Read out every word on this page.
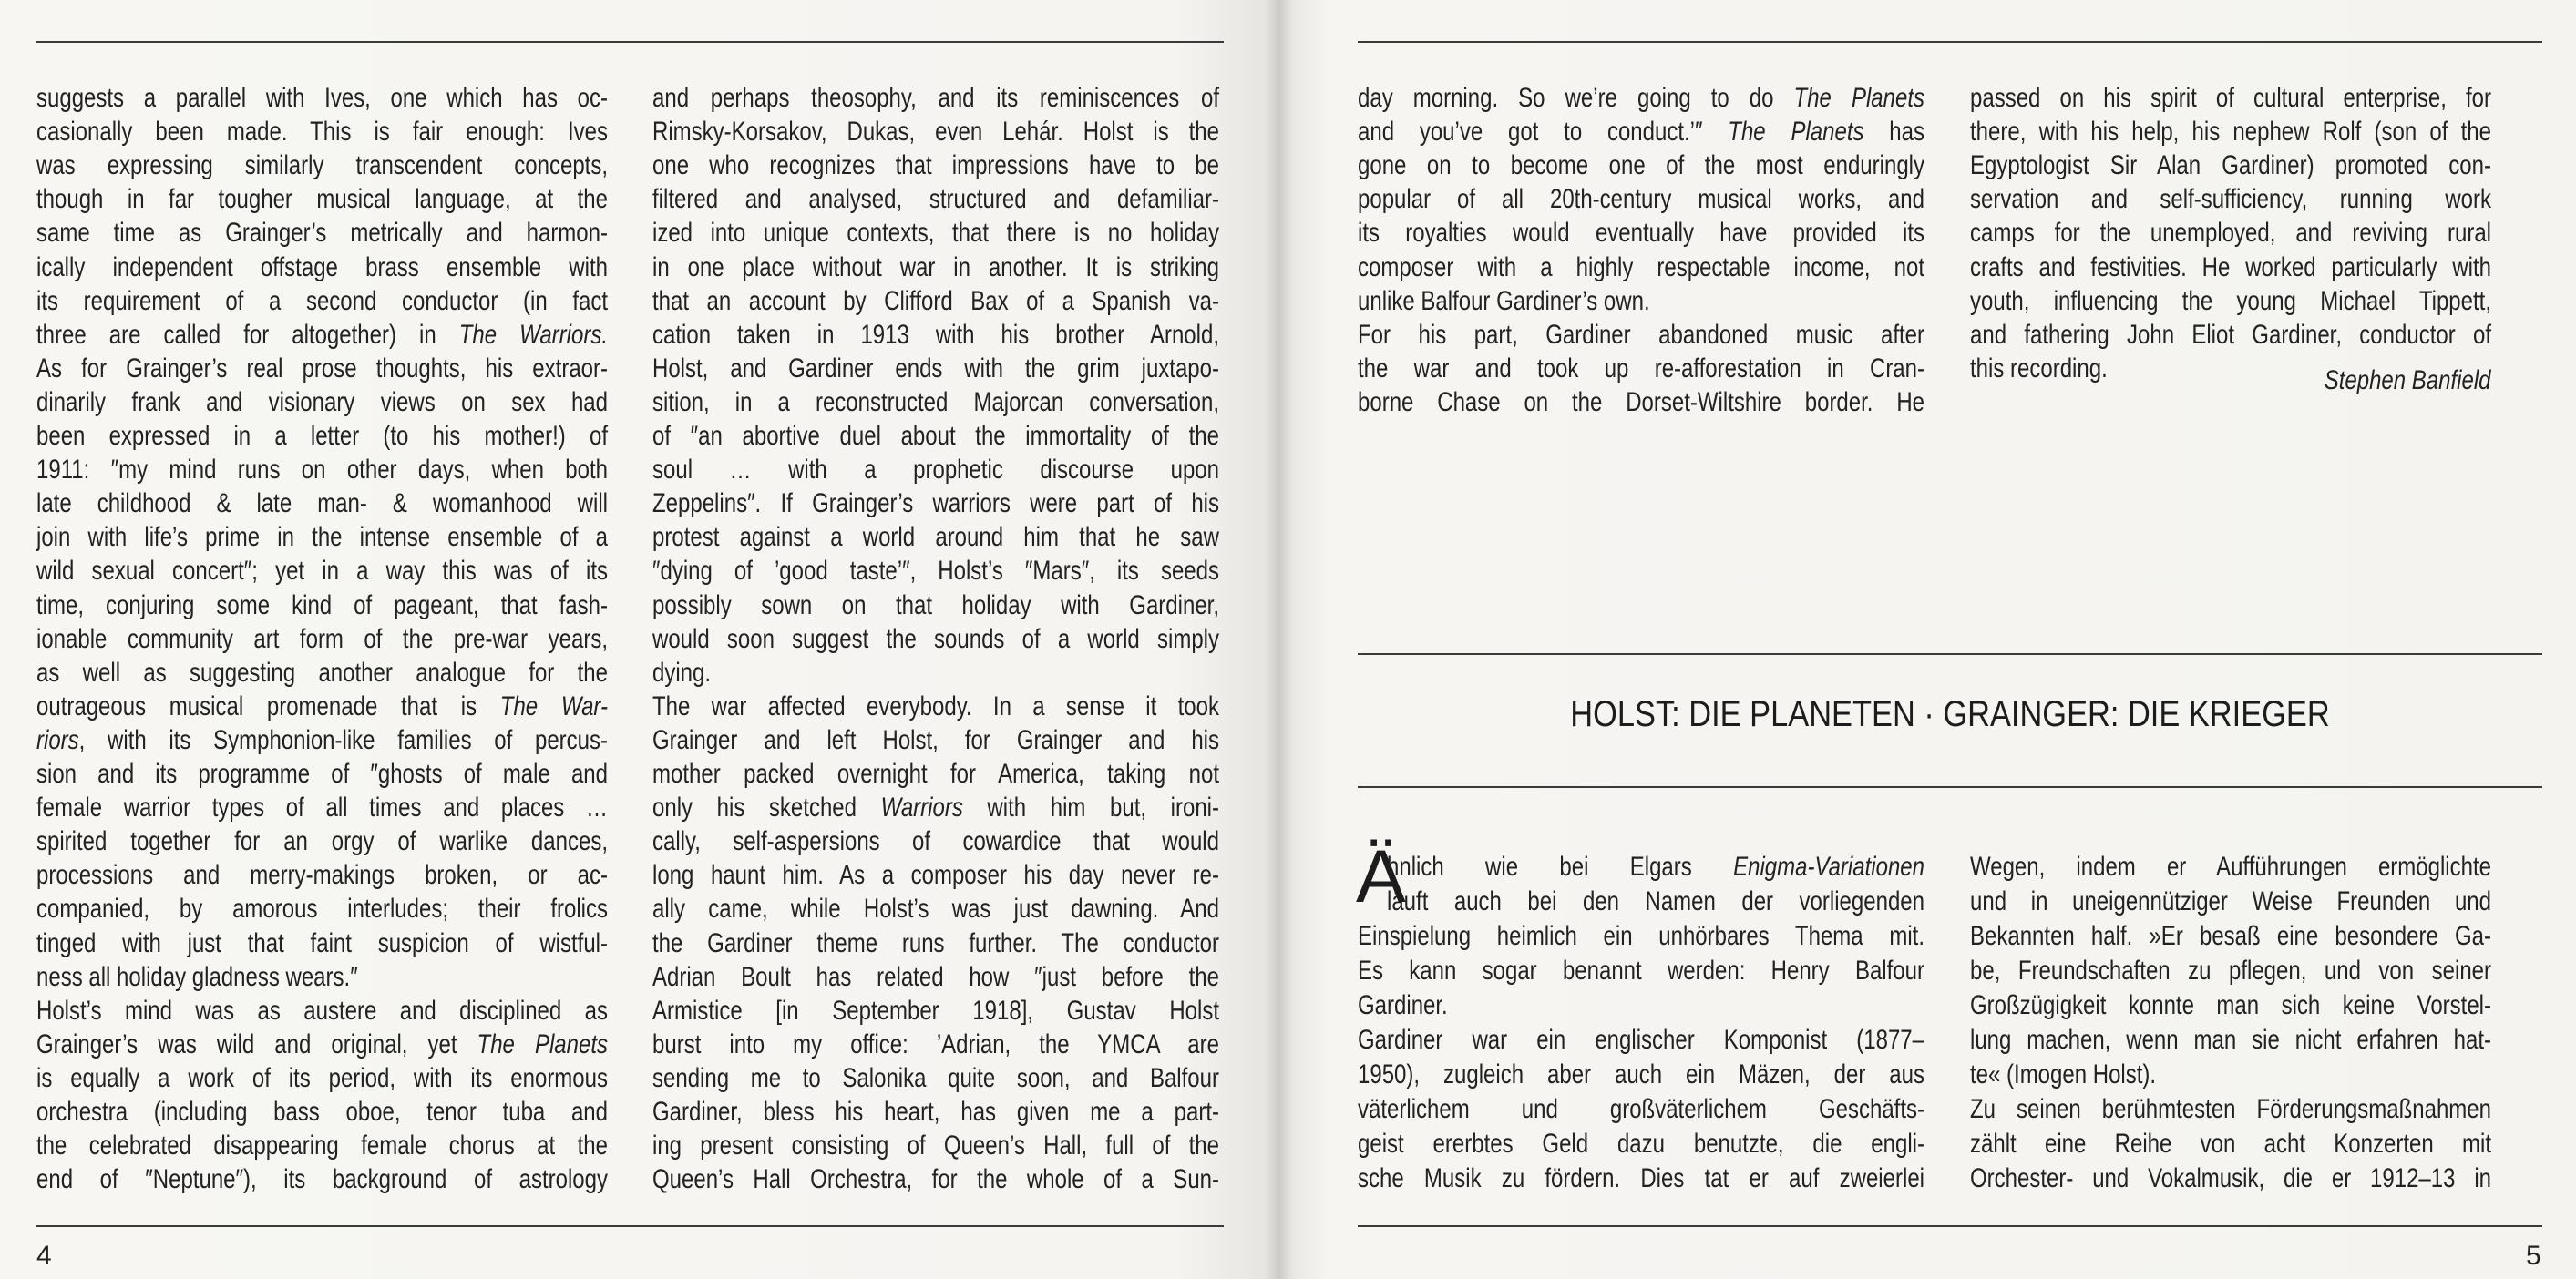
suggests a parallel with Ives, one which has oc-
casionally been made. This is fair enough: Ives
was expressing similarly transcendent concepts,
though in far tougher musical language, at the
same time as Grainger’s metrically and harmon-
ically independent offstage brass ensemble with
its requirement of a second conductor (in fact
three are called for altogether) in The Warriors.
As for Grainger’s real prose thoughts, his extraor-
dinarily frank and visionary views on sex had
been expressed in a letter (to his mother!) of
1911: ″my mind runs on other days, when both
late childhood & late man- & womanhood will
join with life’s prime in the intense ensemble of a
wild sexual concert″; yet in a way this was of its
time, conjuring some kind of pageant, that fash-
ionable community art form of the pre-war years,
as well as suggesting another analogue for the
outrageous musical promenade that is The War-
riors, with its Symphonion-like families of percus-
sion and its programme of ″ghosts of male and
female warrior types of all times and places …
spirited together for an orgy of warlike dances,
processions and merry-makings broken, or ac-
companied, by amorous interludes; their frolics
tinged with just that faint suspicion of wistful-
ness all holiday gladness wears.″
Holst’s mind was as austere and disciplined as
Grainger’s was wild and original, yet The Planets
is equally a work of its period, with its enormous
orchestra (including bass oboe, tenor tuba and
the celebrated disappearing female chorus at the
end of ″Neptune″), its background of astrology
and perhaps theosophy, and its reminiscences of
Rimsky-Korsakov, Dukas, even Lehár. Holst is the
one who recognizes that impressions have to be
filtered and analysed, structured and defamiliar-
ized into unique contexts, that there is no holiday
in one place without war in another. It is striking
that an account by Clifford Bax of a Spanish va-
cation taken in 1913 with his brother Arnold,
Holst, and Gardiner ends with the grim juxtapo-
sition, in a reconstructed Majorcan conversation,
of ″an abortive duel about the immortality of the
soul … with a prophetic discourse upon
Zeppelins″. If Grainger’s warriors were part of his
protest against a world around him that he saw
″dying of ’good taste’″, Holst’s ″Mars″, its seeds
possibly sown on that holiday with Gardiner,
would soon suggest the sounds of a world simply
dying.
The war affected everybody. In a sense it took
Grainger and left Holst, for Grainger and his
mother packed overnight for America, taking not
only his sketched Warriors with him but, ironi-
cally, self-aspersions of cowardice that would
long haunt him. As a composer his day never re-
ally came, while Holst’s was just dawning. And
the Gardiner theme runs further. The conductor
Adrian Boult has related how ″just before the
Armistice [in September 1918], Gustav Holst
burst into my office: ’Adrian, the YMCA are
sending me to Salonika quite soon, and Balfour
Gardiner, bless his heart, has given me a part-
ing present consisting of Queen’s Hall, full of the
Queen’s Hall Orchestra, for the whole of a Sun-
day morning. So we’re going to do The Planets
and you’ve got to conduct.’″ The Planets has
gone on to become one of the most enduringly
popular of all 20th-century musical works, and
its royalties would eventually have provided its
composer with a highly respectable income, not
unlike Balfour Gardiner’s own.
For his part, Gardiner abandoned music after
the war and took up re-afforestation in Cran-
borne Chase on the Dorset-Wiltshire border. He
passed on his spirit of cultural enterprise, for
there, with his help, his nephew Rolf (son of the
Egyptologist Sir Alan Gardiner) promoted con-
servation and self-sufficiency, running work
camps for the unemployed, and reviving rural
crafts and festivities. He worked particularly with
youth, influencing the young Michael Tippett,
and fathering John Eliot Gardiner, conductor of
this recording.
hnlich wie bei Elgars Enigma-Variationen
läuft auch bei den Namen der vorliegenden
Einspielung heimlich ein unhörbares Thema mit.
Es kann sogar benannt werden: Henry Balfour
Gardiner.
Gardiner war ein englischer Komponist (1877–
1950), zugleich aber auch ein Mäzen, der aus
väterlichem und großväterlichem Geschäfts-
geist ererbtes Geld dazu benutzte, die engli-
sche Musik zu fördern. Dies tat er auf zweierlei
Wegen, indem er Aufführungen ermöglichte
und in uneigennütziger Weise Freunden und
Bekannten half. »Er besaß eine besondere Ga-
be, Freundschaften zu pflegen, und von seiner
Großzügigkeit konnte man sich keine Vorstel-
lung machen, wenn man sie nicht erfahren hat-
te« (Imogen Holst).
Zu seinen berühmtesten Förderungsmaßnahmen
zählt eine Reihe von acht Konzerten mit
Orchester- und Vokalmusik, die er 1912–13 in
Stephen Banfield
HOLST: DIE PLANETEN · GRAINGER: DIE KRIEGER
Ä
4	5
